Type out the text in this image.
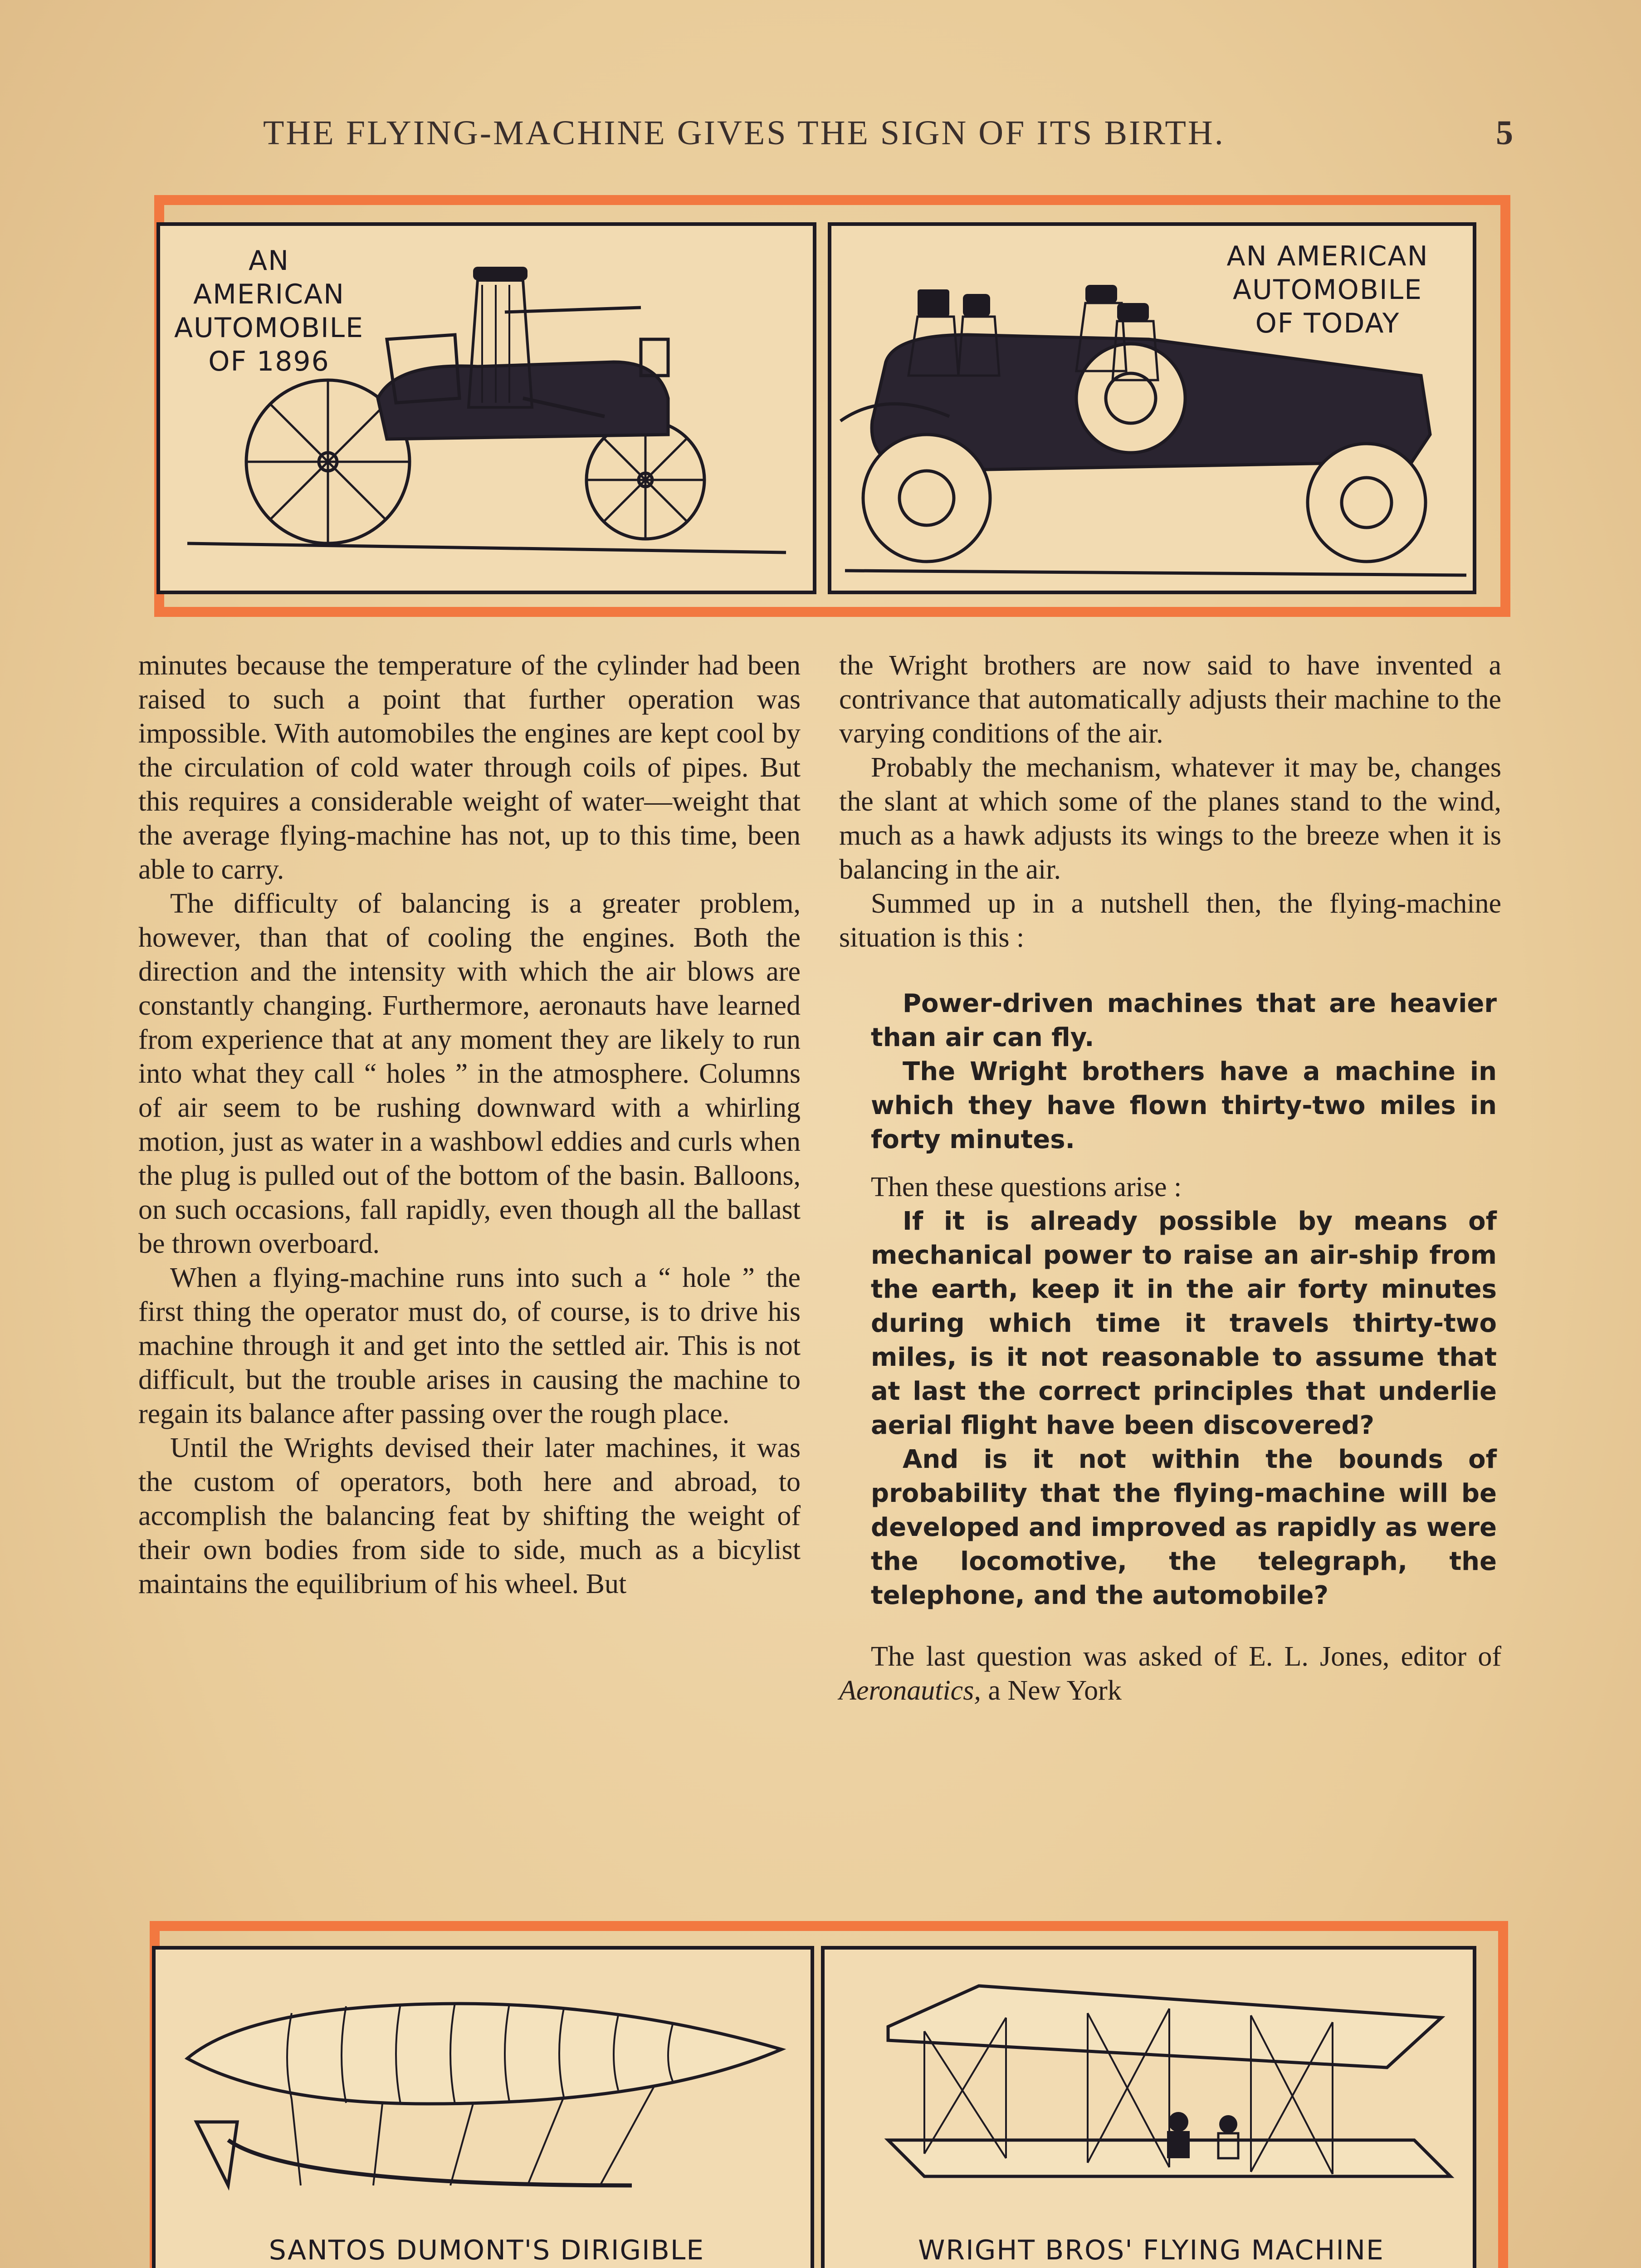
THE FLYING-MACHINE GIVES THE SIGN OF ITS BIRTH.	5
AN AMERICAN
AUTOMOBILE
OF 1896
AN AMERICAN
AUTOMOBILE
OF TODAY

minutes because the temperature of the cylinder had been raised to such a point that further operation was impossible. With automobiles the engines are kept cool by the circulation of cold water through coils of pipes. But this requires a considerable weight of water—weight that the average flying-machine has not, up to this time, been able to carry.

The difficulty of balancing is a greater problem, however, than that of cooling the engines. Both the direction and the intensity with which the air blows are constantly changing. Furthermore, aeronauts have learned from experience that at any moment they are likely to run into what they call “ holes ” in the atmosphere. Columns of air seem to be rushing downward with a whirling motion, just as water in a washbowl eddies and curls when the plug is pulled out of the bottom of the basin. Balloons, on such occasions, fall rapidly, even though all the ballast be thrown overboard.

When a flying-machine runs into such a “ hole ” the first thing the operator must do, of course, is to drive his machine through it and get into the settled air. This is not difficult, but the trouble arises in causing the machine to regain its balance after passing over the rough place.

Until the Wrights devised their later machines, it was the custom of operators, both here and abroad, to accomplish the balancing feat by shifting the weight of their own bodies from side to side, much as a bicylist maintains the equilibrium of his wheel. But

the Wright brothers are now said to have invented a contrivance that automatically adjusts their machine to the varying conditions of the air.

Probably the mechanism, whatever it may be, changes the slant at which some of the planes stand to the wind, much as a hawk adjusts its wings to the breeze when it is balancing in the air.

Summed up in a nutshell then, the flying-machine situation is this :

Power-driven machines that are heavier than air can fly.

The Wright brothers have a machine in which they have flown thirty-two miles in forty minutes.

Then these questions arise :

If it is already possible by means of mechanical power to raise an air-ship from the earth, keep it in the air forty minutes during which time it travels thirty-two miles, is it not reasonable to assume that at last the correct principles that underlie aerial flight have been discovered?

And is it not within the bounds of probability that the flying-machine will be developed and improved as rapidly as were the locomotive, the telegraph, the telephone, and the automobile?

The last question was asked of E. L. Jones, editor of Aeronautics, a New York

SANTOS DUMONT'S DIRIGIBLE	WRIGHT BROS' FLYING MACHINE
